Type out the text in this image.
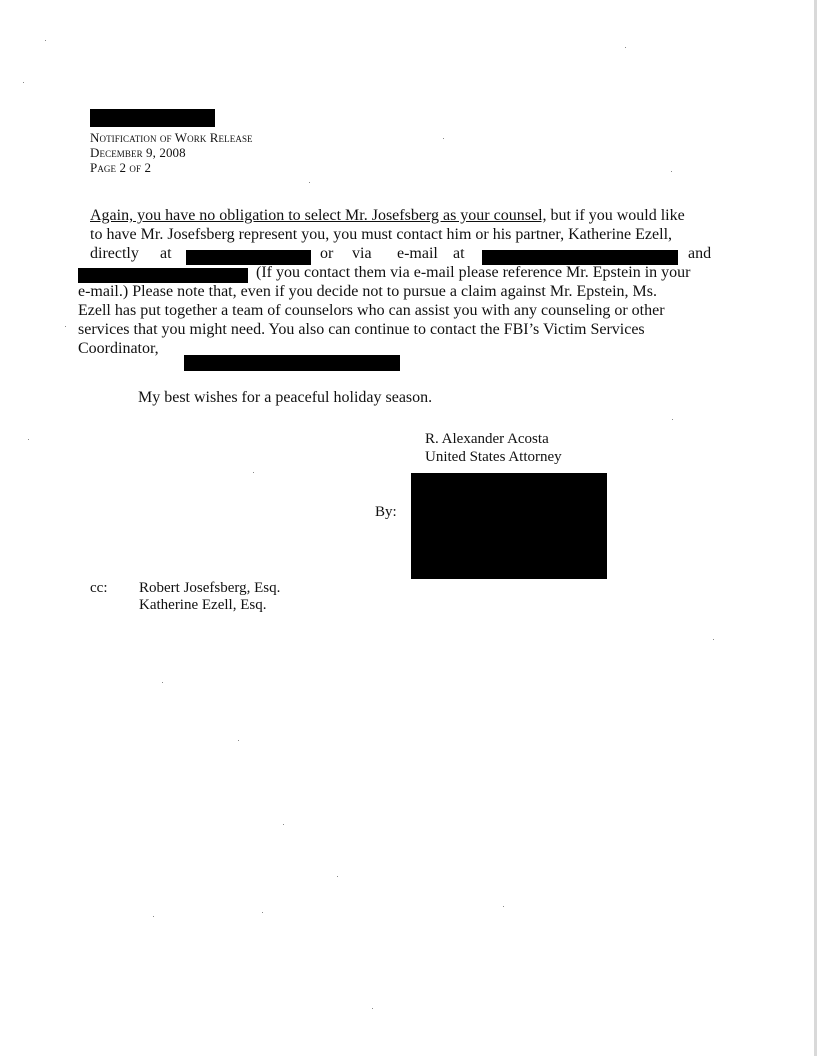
Notification of Work Release
December 9, 2008
Page 2 of 2
Again, you have no obligation to select Mr. Josefsberg as your counsel, but if you would like
to have Mr. Josefsberg represent you, you must contact him or his partner, Katherine Ezell,
directly at	or via e-mail at	and
(If you contact them via e-mail please reference Mr. Epstein in your
e-mail.) Please note that, even if you decide not to pursue a claim against Mr. Epstein, Ms.
Ezell has put together a team of counselors who can assist you with any counseling or other
services that you might need. You also can continue to contact the FBI’s Victim Services
Coordinator,
My best wishes for a peaceful holiday season.
R. Alexander Acosta
United States Attorney
By:
cc: Robert Josefsberg, Esq.
Katherine Ezell, Esq.
